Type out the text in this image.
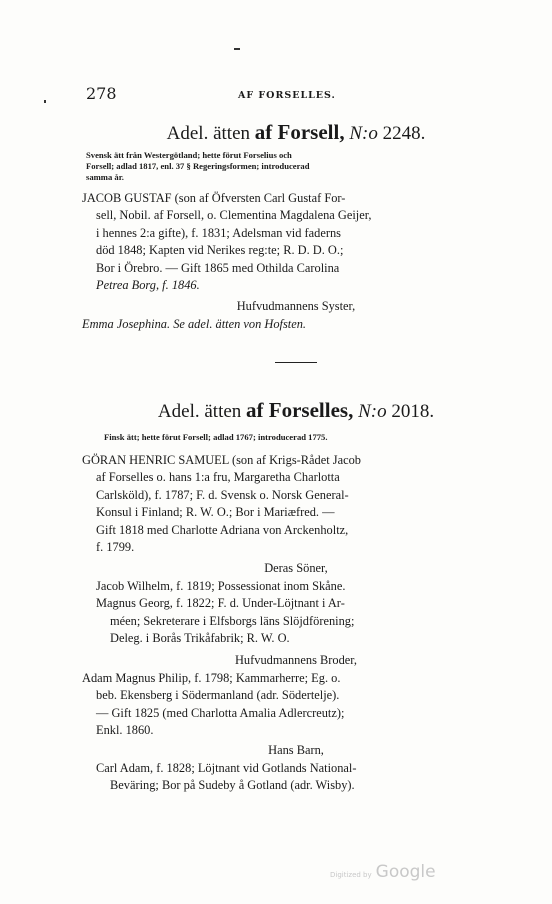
278	AF FORSELLES.
Adel. ätten af Forsell, N:o 2248.
Svensk ätt från Westergötland; hette förut Forselius och
Forsell; adlad 1817, enl. 37 § Regeringsformen; introducerad
samma år.
JACOB GUSTAF (son af Öfversten Carl Gustaf For-
sell, Nobil. af Forsell, o. Clementina Magdalena Geijer,
i hennes 2:a gifte), f. 1831; Adelsman vid faderns
död 1848; Kapten vid Nerikes reg:te; R. D. D. O.;
Bor i Örebro. — Gift 1865 med Othilda Carolina
Petrea Borg, f. 1846.
Hufvudmannens Syster,
Emma Josephina. Se adel. ätten von Hofsten.
Adel. ätten af Forselles, N:o 2018.
Finsk ätt; hette förut Forsell; adlad 1767; introducerad 1775.
GÖRAN HENRIC SAMUEL (son af Krigs-Rådet Jacob
af Forselles o. hans 1:a fru, Margaretha Charlotta
Carlsköld), f. 1787; F. d. Svensk o. Norsk General-
Konsul i Finland; R. W. O.; Bor i Mariæfred. —
Gift 1818 med Charlotte Adriana von Arckenholtz,
f. 1799.
Deras Söner,
Jacob Wilhelm, f. 1819; Possessionat inom Skåne.
Magnus Georg, f. 1822; F. d. Under-Löjtnant i Ar-
méen; Sekreterare i Elfsborgs läns Slöjdförening;
Deleg. i Borås Trikåfabrik; R. W. O.
Hufvudmannens Broder,
Adam Magnus Philip, f. 1798; Kammarherre; Eg. o.
beb. Ekensberg i Södermanland (adr. Södertelje).
— Gift 1825 (med Charlotta Amalia Adlercreutz);
Enkl. 1860.
Hans Barn,
Carl Adam, f. 1828; Löjtnant vid Gotlands National-
Beväring; Bor på Sudeby å Gotland (adr. Wisby).
Digitized by Google
